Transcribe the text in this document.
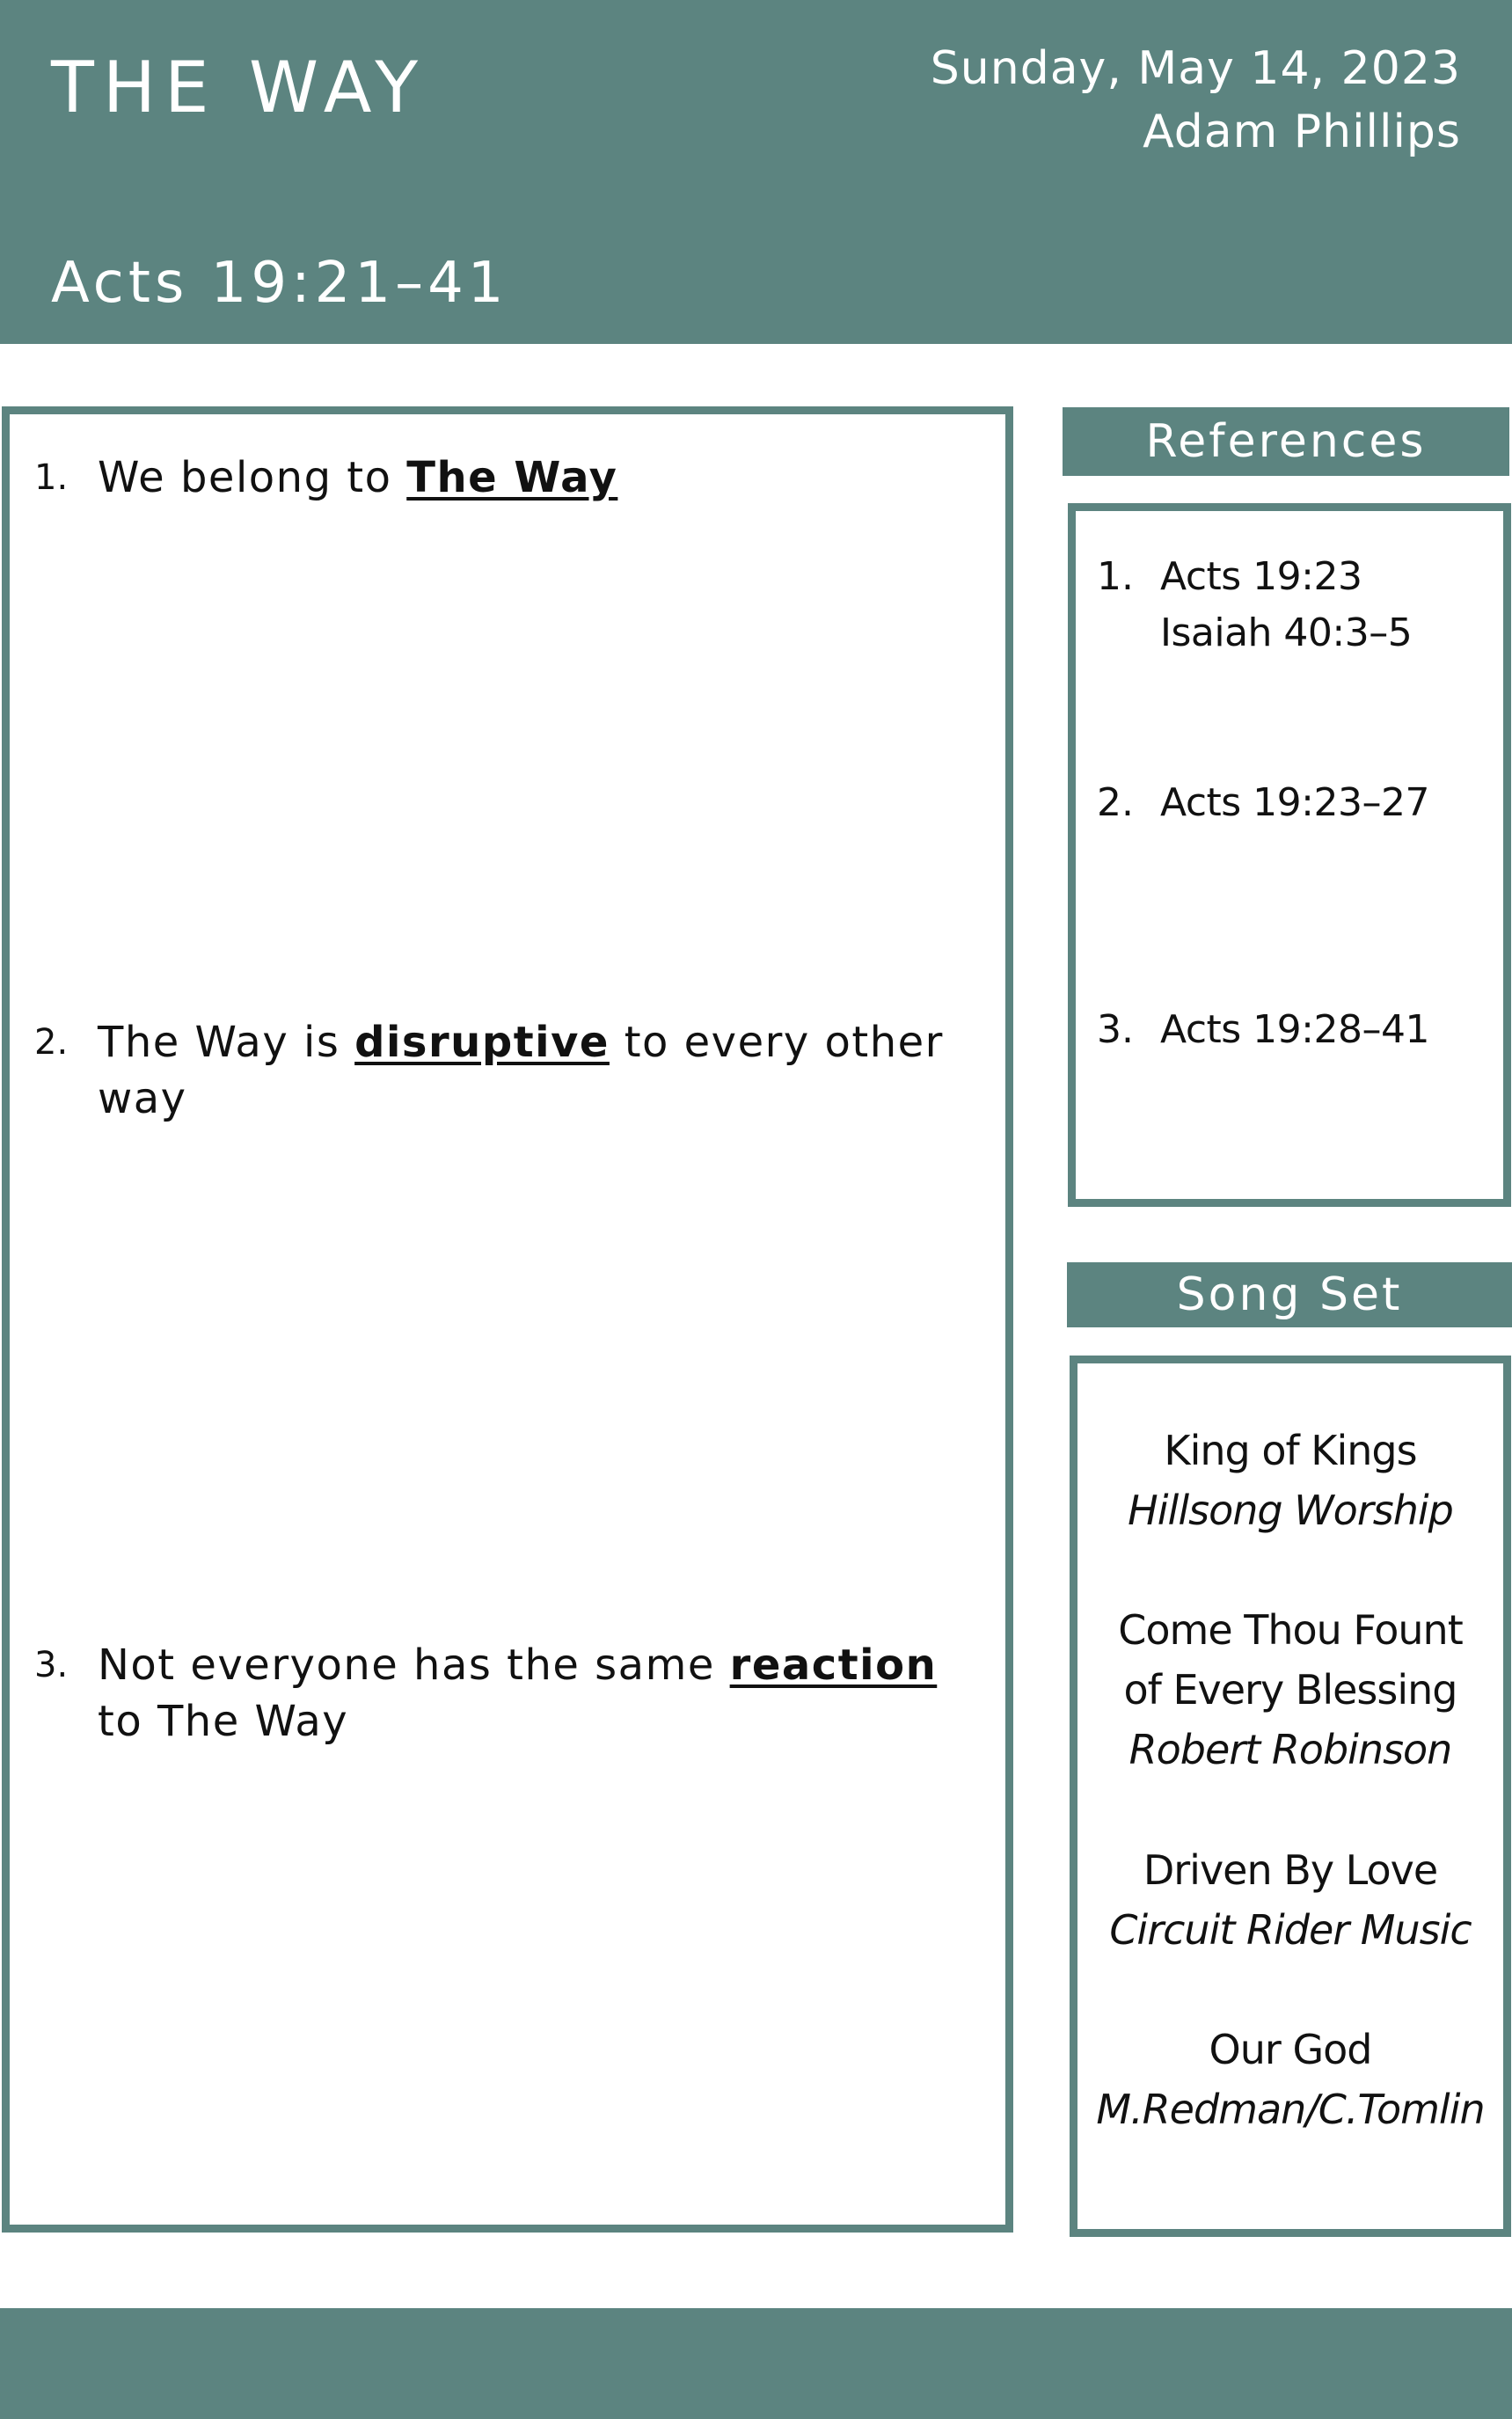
THE WAY	Sunday, May 14, 2023

Adam Phillips

Acts 19:21–41

1. We belong to The Way
2. The Way is disruptive to every other way
3. Not everyone has the same reaction to The Way
References
1. Acts 19:23
Isaiah 40:3–5
2. Acts 19:23–27
3. Acts 19:28–41
Song Set
King of Kings
Hillsong Worship
Come Thou Fount
of Every Blessing
Robert Robinson
Driven By Love
Circuit Rider Music
Our God
M.Redman/C.Tomlin
